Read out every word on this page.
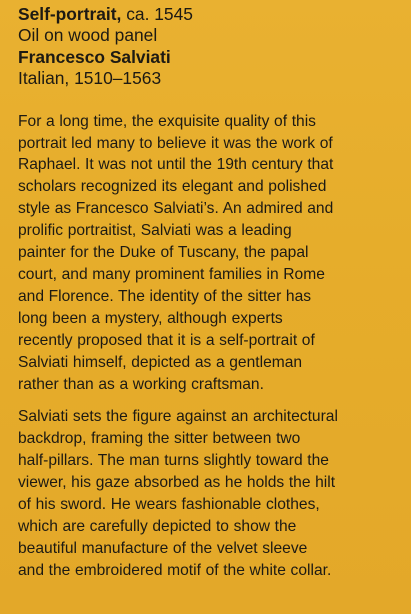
Self-portrait, ca. 1545
Oil on wood panel
Francesco Salviati
Italian, 1510–1563

For a long time, the exquisite quality of this
portrait led many to believe it was the work of
Raphael. It was not until the 19th century that
scholars recognized its elegant and polished
style as Francesco Salviati’s. An admired and
prolific portraitist, Salviati was a leading
painter for the Duke of Tuscany, the papal
court, and many prominent families in Rome
and Florence. The identity of the sitter has
long been a mystery, although experts
recently proposed that it is a self-portrait of
Salviati himself, depicted as a gentleman
rather than as a working craftsman.

Salviati sets the figure against an architectural
backdrop, framing the sitter between two
half-pillars. The man turns slightly toward the
viewer, his gaze absorbed as he holds the hilt
of his sword. He wears fashionable clothes,
which are carefully depicted to show the
beautiful manufacture of the velvet sleeve
and the embroidered motif of the white collar.
